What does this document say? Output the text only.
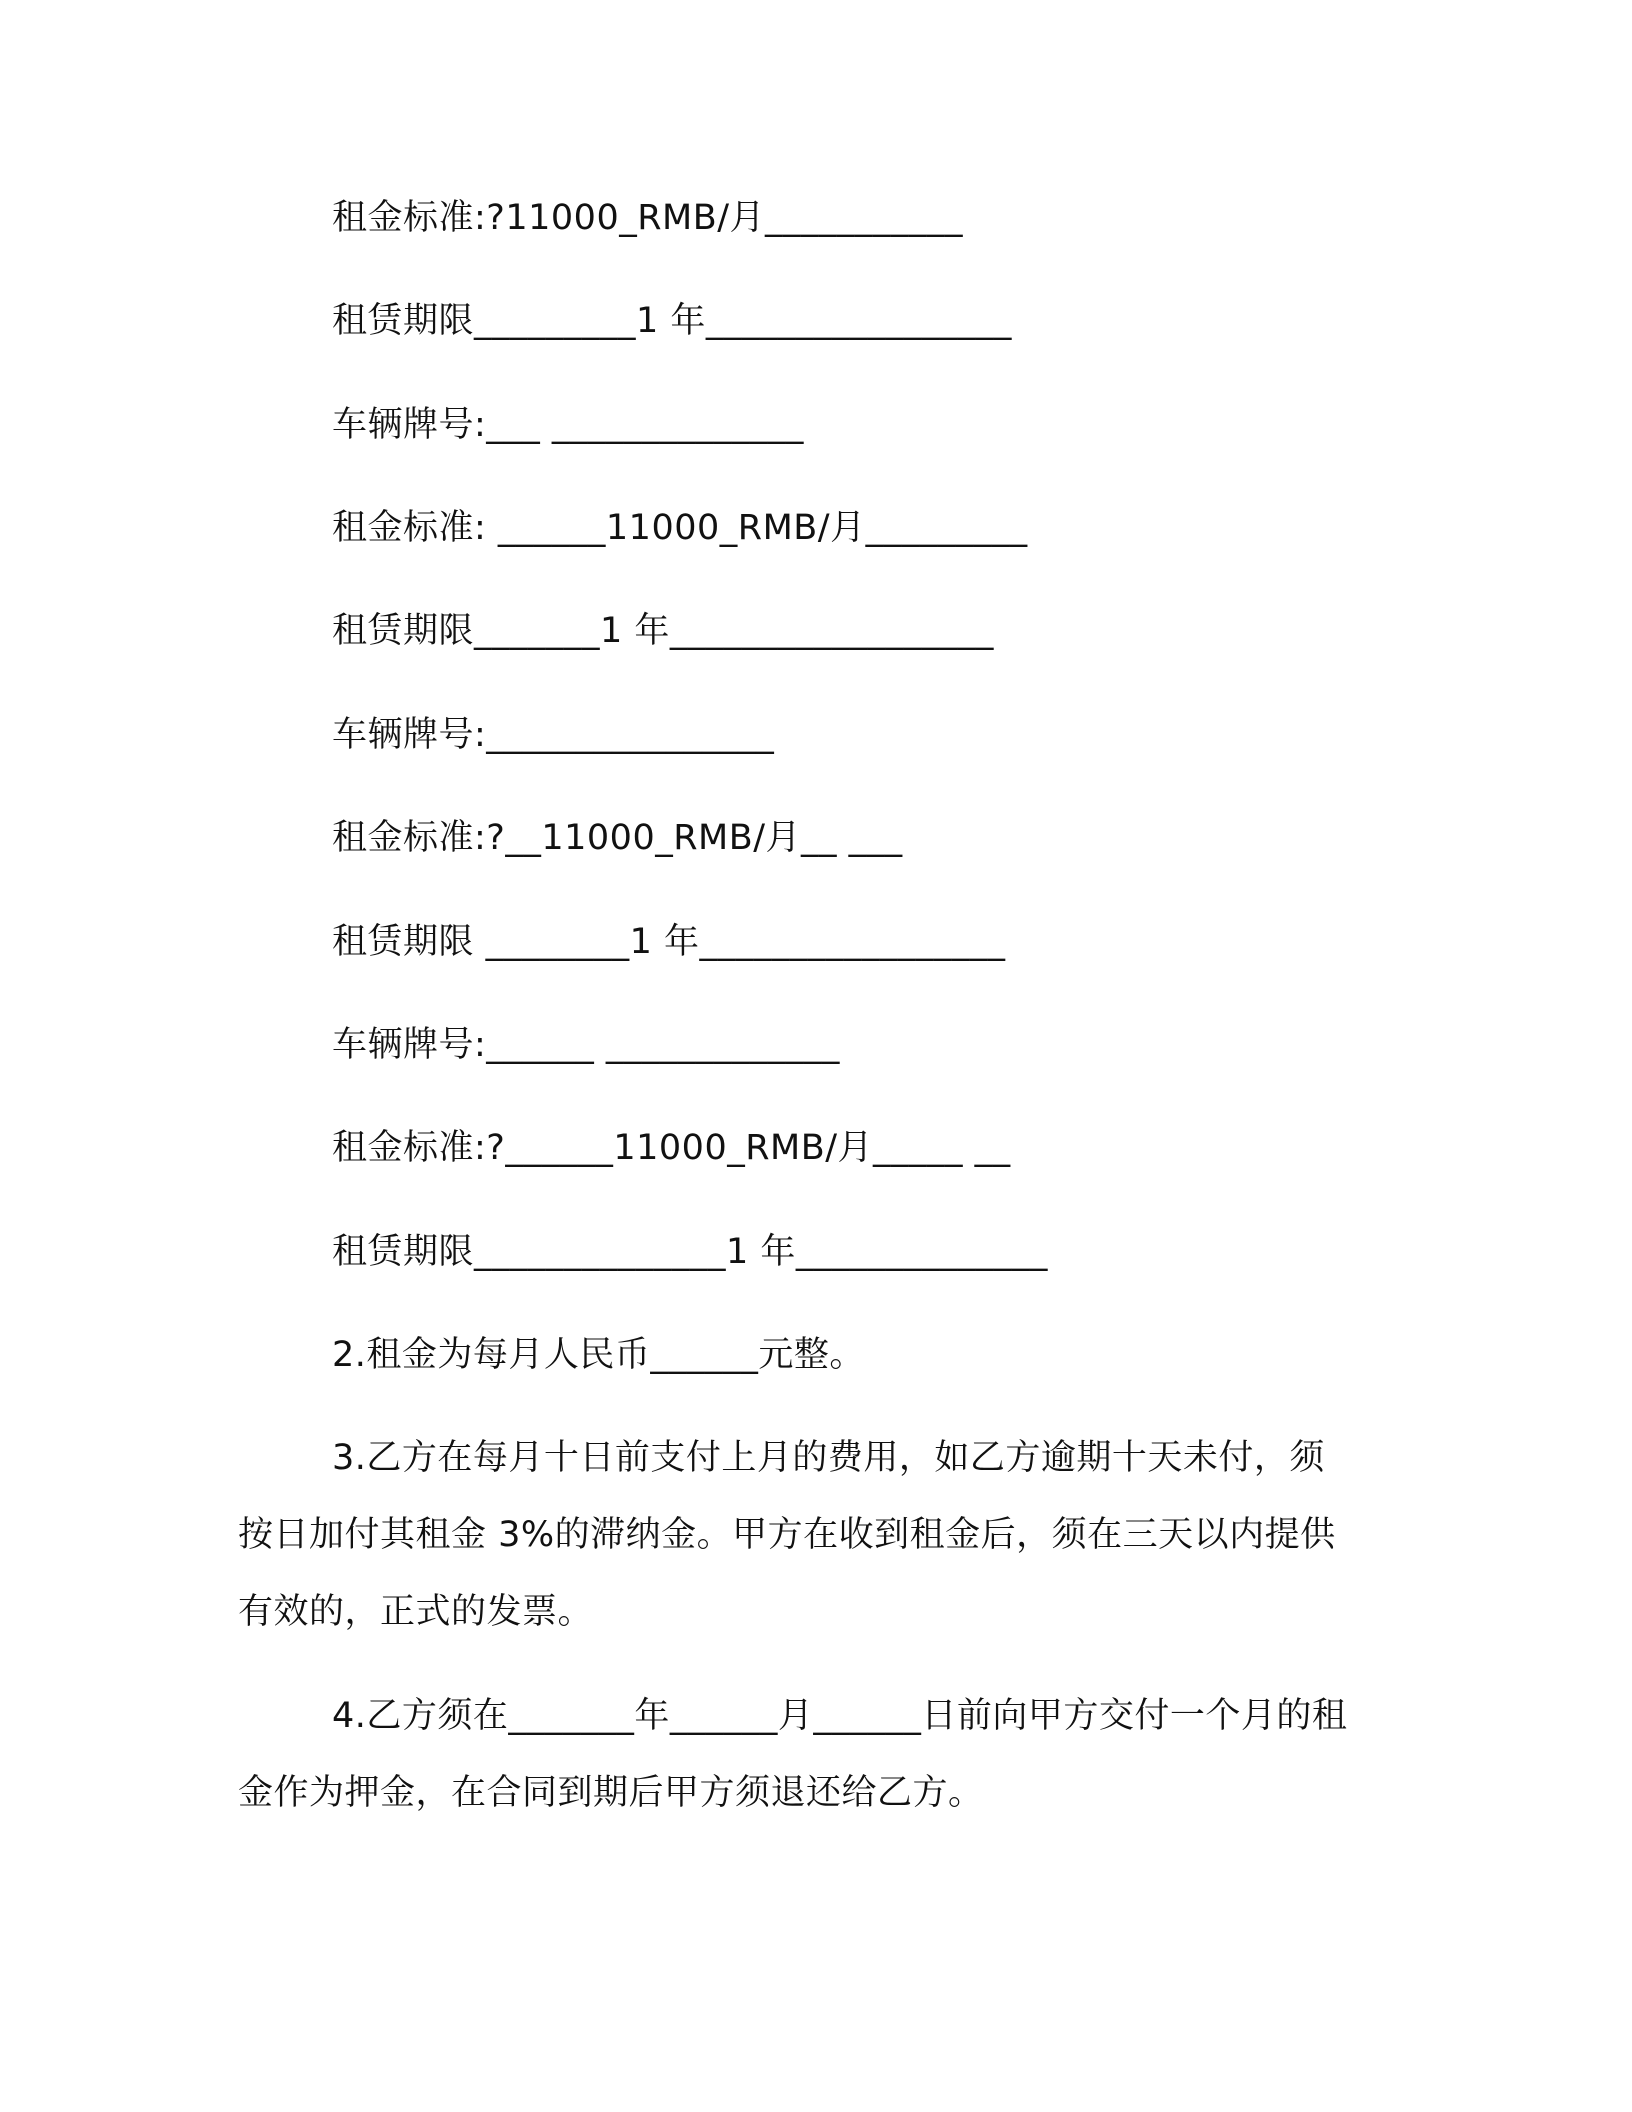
租金标准:?11000_RMB/月___________
租赁期限_________1 年_________________
车辆牌号:___ ______________
租金标准: ______11000_RMB/月_________
租赁期限_______1 年__________________
车辆牌号:________________
租金标准:?__11000_RMB/月__ ___
租赁期限 ________1 年_________________
车辆牌号:______ _____________
租金标准:?______11000_RMB/月_____ __
租赁期限______________1 年______________
2.租金为每月人民币______元整。
3.乙方在每月十日前支付上月的费用，如乙方逾期十天未付，须
按日加付其租金 3%的滞纳金。甲方在收到租金后，须在三天以内提供
有效的，正式的发票。
4.乙方须在_______年______月______日前向甲方交付一个月的租
金作为押金，在合同到期后甲方须退还给乙方。
